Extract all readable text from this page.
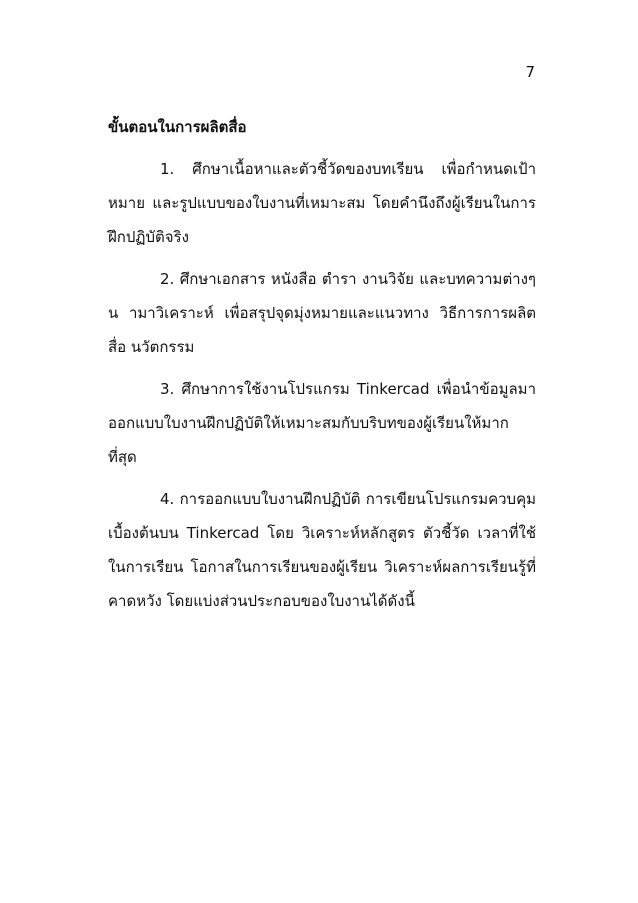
7
ขั้นตอนในการผลิตสื่อ

1. ศึกษาเนื้อหาและตัวชี้วัดของบทเรียน เพื่อกำหนดเป้าหมาย และรูปแบบของใบงานที่เหมาะสม โดยคำนึงถึงผู้เรียนในการฝึกปฏิบัติจริง

2. ศึกษาเอกสาร หนังสือ ตำรา งานวิจัย และบทความต่างๆ น ามาวิเคราะห์ เพื่อสรุปจุดมุ่งหมายและแนวทาง วิธีการการผลิตสื่อ นวัตกรรม

3. ศึกษาการใช้งานโปรแกรม Tinkercad เพื่อนำข้อมูลมาออกแบบใบงานฝึกปฏิบัติให้เหมาะสมกับบริบทของผู้เรียนให้มากที่สุด

4. การออกแบบใบงานฝึกปฏิบัติ การเขียนโปรแกรมควบคุมเบื้องต้นบน Tinkercad โดย วิเคราะห์หลักสูตร ตัวชี้วัด เวลาที่ใช้ในการเรียน โอกาสในการเรียนของผู้เรียน วิเคราะห์ผลการเรียนรู้ที่คาดหวัง โดยแบ่งส่วนประกอบของใบงานได้ดังนี้
